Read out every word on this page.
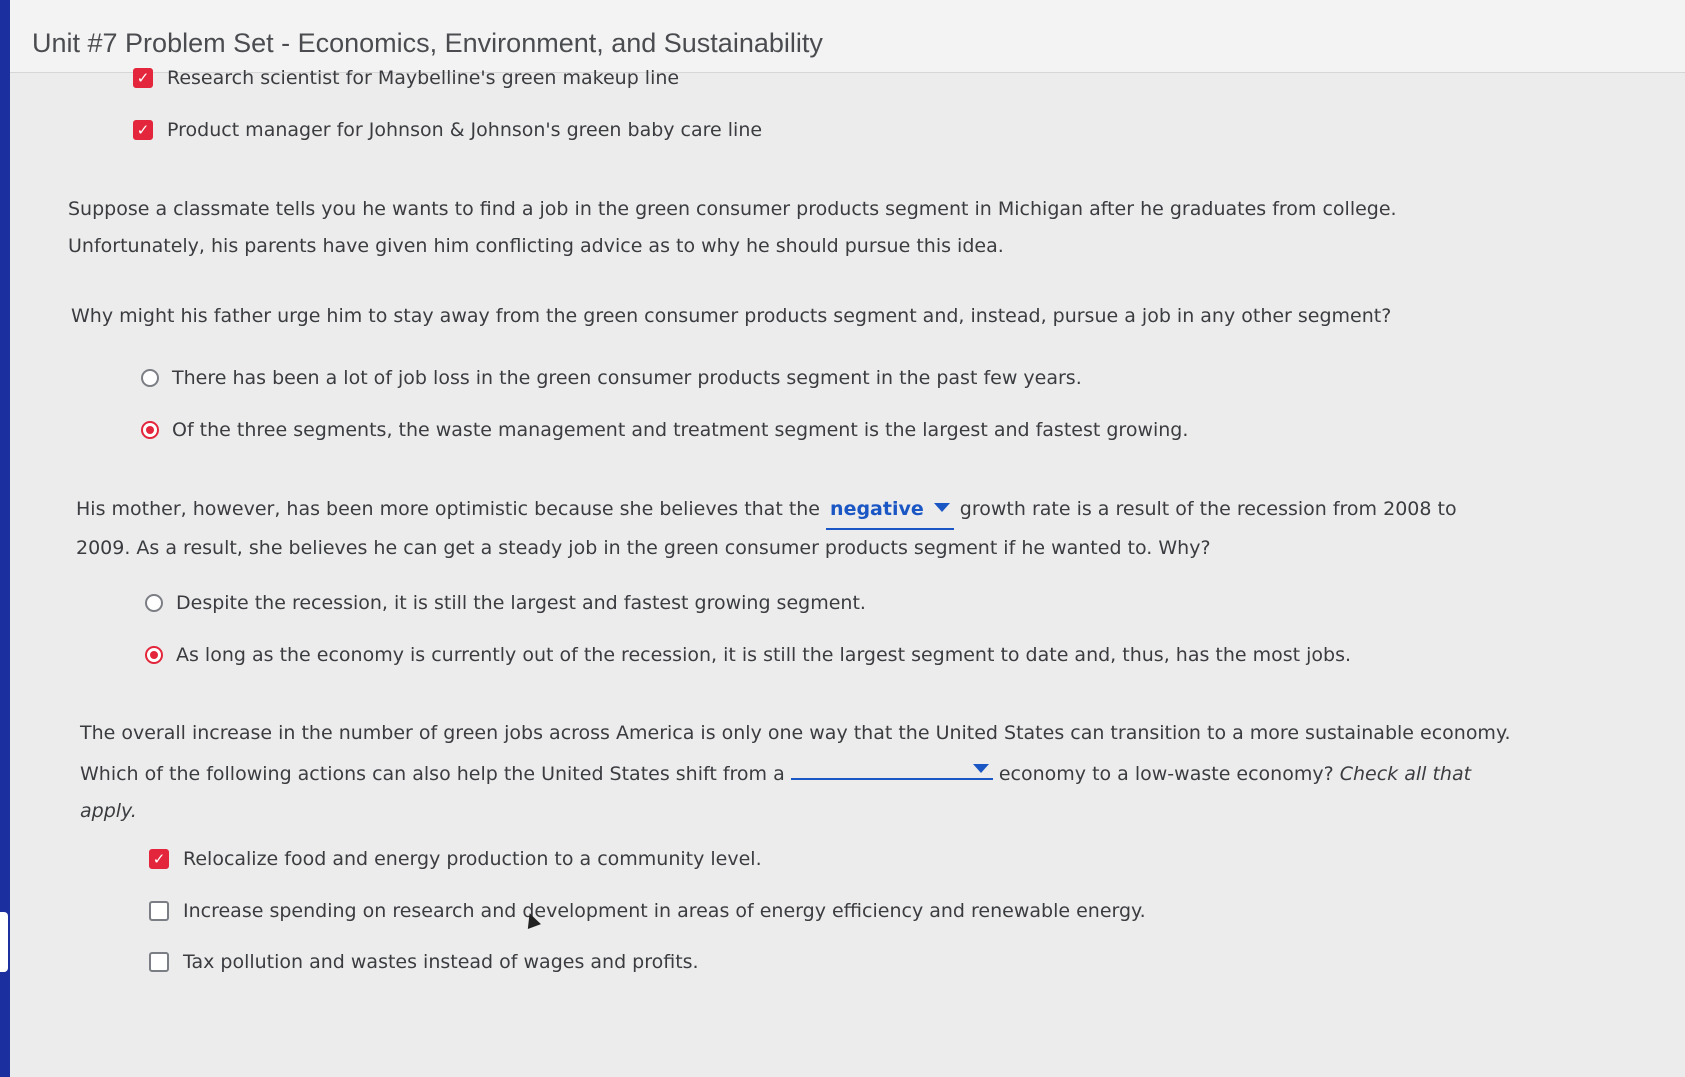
Unit #7 Problem Set - Economics, Environment, and Sustainability
✓ Research scientist for Maybelline's green makeup line
✓ Product manager for Johnson & Johnson's green baby care line
Suppose a classmate tells you he wants to find a job in the green consumer products segment in Michigan after he graduates from college.
Unfortunately, his parents have given him conflicting advice as to why he should pursue this idea.
Why might his father urge him to stay away from the green consumer products segment and, instead, pursue a job in any other segment?
There has been a lot of job loss in the green consumer products segment in the past few years.
Of the three segments, the waste management and treatment segment is the largest and fastest growing.
His mother, however, has been more optimistic because she believes that the negative growth rate is a result of the recession from 2008 to
2009. As a result, she believes he can get a steady job in the green consumer products segment if he wanted to. Why?
Despite the recession, it is still the largest and fastest growing segment.
As long as the economy is currently out of the recession, it is still the largest segment to date and, thus, has the most jobs.
The overall increase in the number of green jobs across America is only one way that the United States can transition to a more sustainable economy.
Which of the following actions can also help the United States shift from a	economy to a low-waste economy? Check all that
apply.
✓ Relocalize food and energy production to a community level.
Increase spending on research and development in areas of energy efficiency and renewable energy.
Tax pollution and wastes instead of wages and profits.
